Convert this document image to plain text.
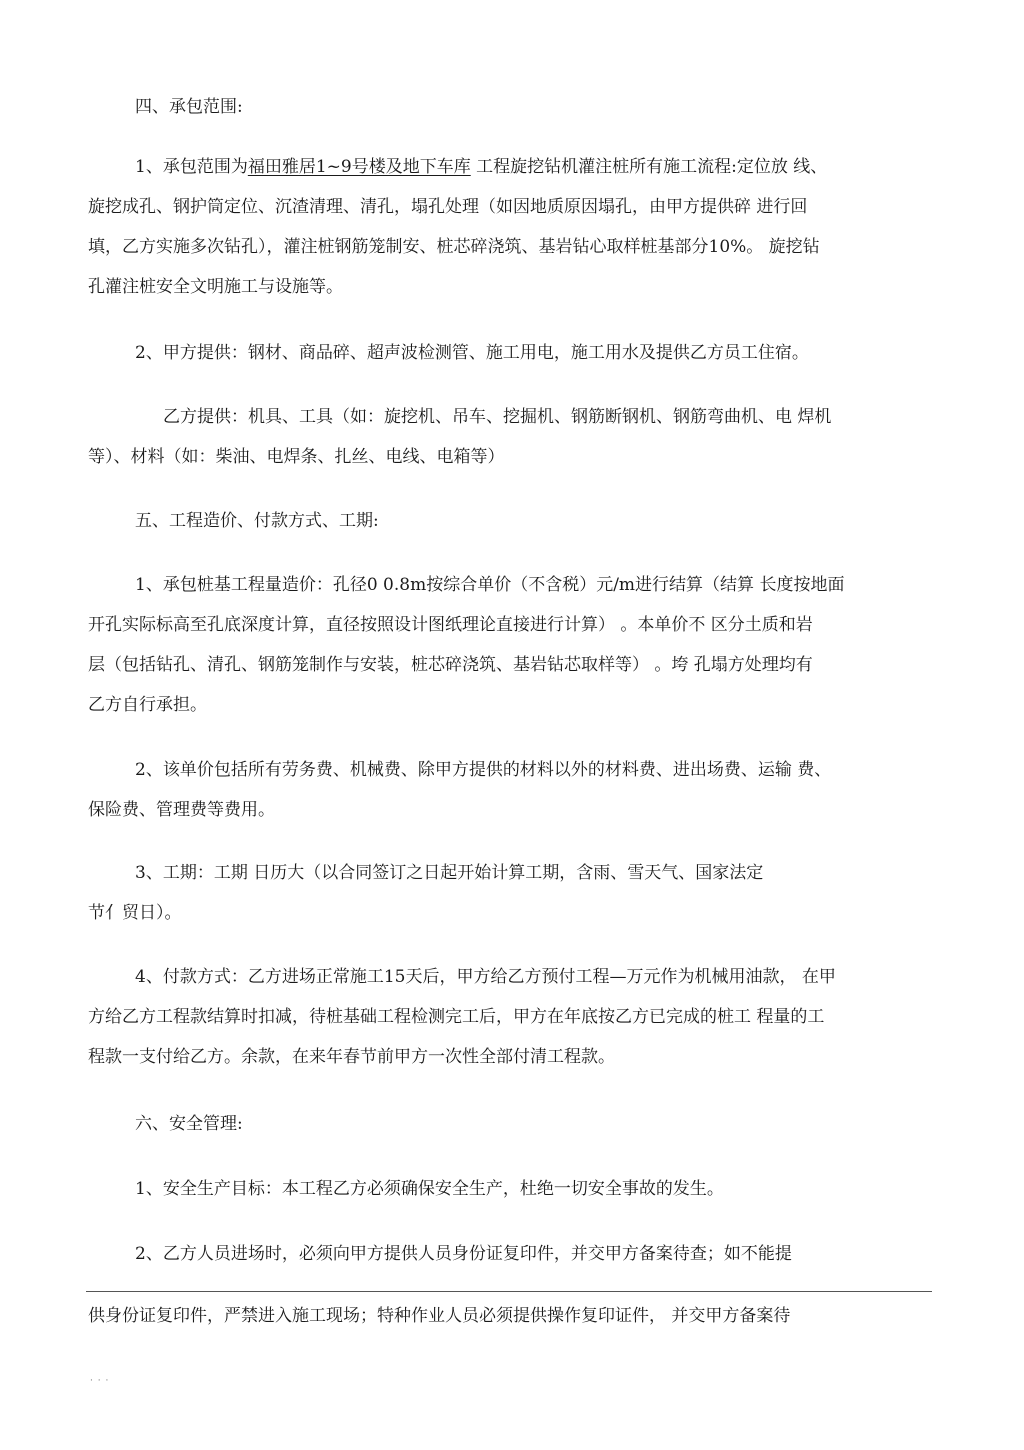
四、承包范围:

1、承包范围为福田雅居1~9号楼及地下车库 工程旋挖钻机灌注桩所有施工流程:定位放 线、

旋挖成孔、钢护筒定位、沉渣清理、清孔，塌孔处理（如因地质原因塌孔，由甲方提供碎 进行回

填，乙方实施多次钻孔），灌注桩钢筋笼制安、桩芯碎浇筑、基岩钻心取样桩基部分10%。 旋挖钻

孔灌注桩安全文明施工与设施等。

2、甲方提供：钢材、商品碎、超声波检测管、施工用电，施工用水及提供乙方员工住宿。

乙方提供：机具、工具（如：旋挖机、吊车、挖掘机、钢筋断钢机、钢筋弯曲机、电 焊机

等）、材料（如：柴油、电焊条、扎丝、电线、电箱等）

五、工程造价、付款方式、工期:

1、承包桩基工程量造价：孔径0 0.8m按综合单价（不含税）元/m进行结算（结算 长度按地面

开孔实际标高至孔底深度计算，直径按照设计图纸理论直接进行计算） 。本单价不 区分土质和岩

层（包括钻孔、清孔、钢筋笼制作与安装，桩芯碎浇筑、基岩钻芯取样等） 。垮 孔塌方处理均有

乙方自行承担。

2、该单价包括所有劳务费、机械费、除甲方提供的材料以外的材料费、进出场费、运输 费、

保险费、管理费等费用。

3、工期：工期 日历大（以合同签订之日起开始计算工期，含雨、雪天气、国家法定

节亻贸日）。

4、付款方式：乙方进场正常施工15天后，甲方给乙方预付工程—万元作为机械用油款， 在甲

方给乙方工程款结算时扣减，待桩基础工程检测完工后，甲方在年底按乙方已完成的桩工 程量的工

程款一支付给乙方。余款，在来年春节前甲方一次性全部付清工程款。

六、安全管理:

1、安全生产目标：本工程乙方必须确保安全生产，杜绝一切安全事故的发生。

2、乙方人员进场时，必须向甲方提供人员身份证复印件，并交甲方备案待查；如不能提

供身份证复印件，严禁进入施工现场；特种作业人员必须提供操作复印证件， 并交甲方备案待

· · ·
